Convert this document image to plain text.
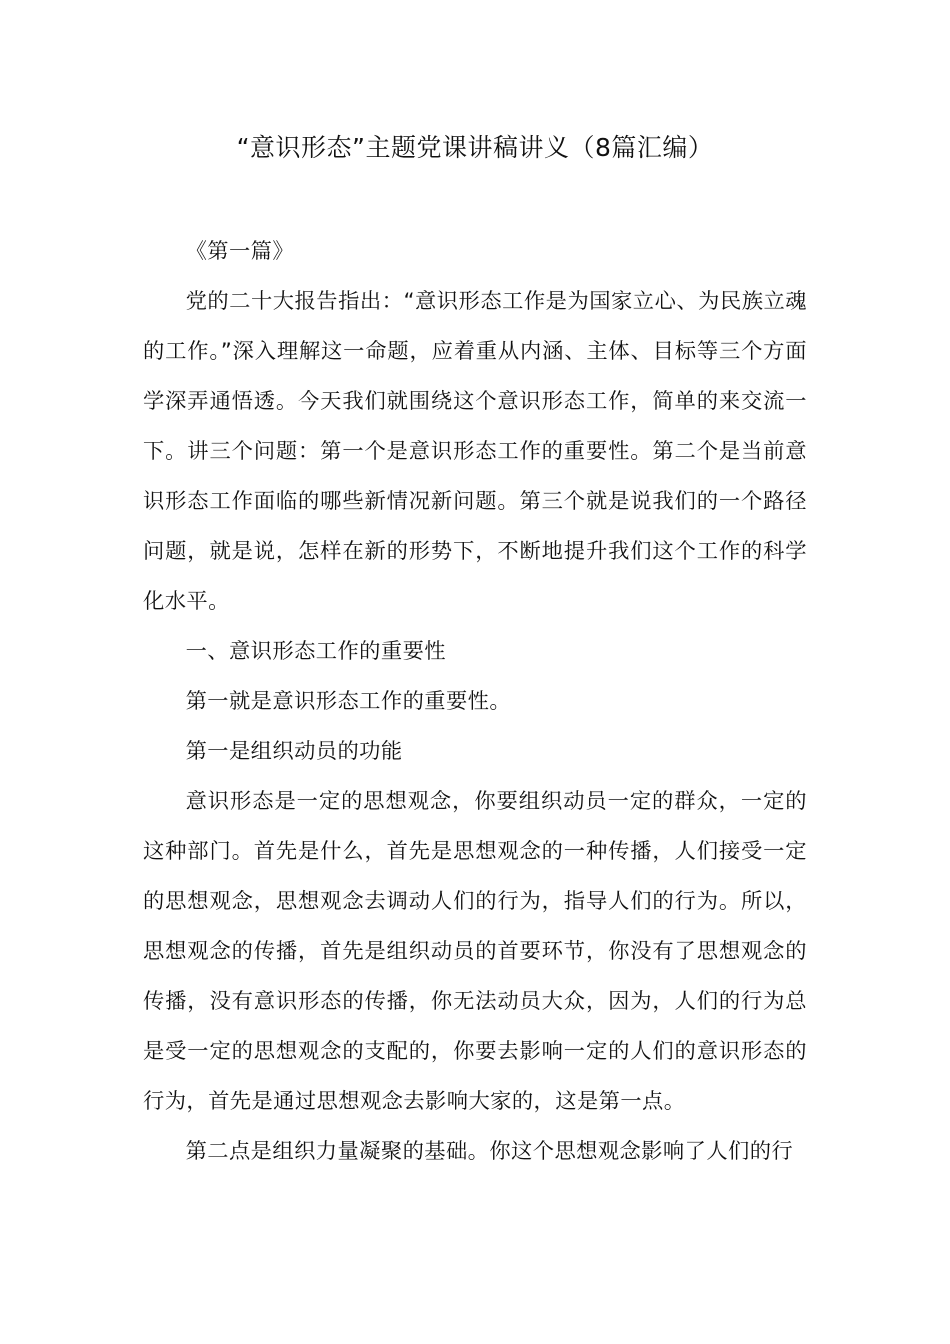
“意识形态”主题党课讲稿讲义（8篇汇编）

《第一篇》

党的二十大报告指出：“意识形态工作是为国家立心、为民族立魂的工作。”深入理解这一命题，应着重从内涵、主体、目标等三个方面学深弄通悟透。今天我们就围绕这个意识形态工作，简单的来交流一下。讲三个问题：第一个是意识形态工作的重要性。第二个是当前意识形态工作面临的哪些新情况新问题。第三个就是说我们的一个路径问题，就是说，怎样在新的形势下，不断地提升我们这个工作的科学化水平。

一、意识形态工作的重要性

第一就是意识形态工作的重要性。

第一是组织动员的功能

意识形态是一定的思想观念，你要组织动员一定的群众，一定的这种部门。首先是什么，首先是思想观念的一种传播，人们接受一定的思想观念，思想观念去调动人们的行为，指导人们的行为。所以，思想观念的传播，首先是组织动员的首要环节，你没有了思想观念的传播，没有意识形态的传播，你无法动员大众，因为，人们的行为总是受一定的思想观念的支配的，你要去影响一定的人们的意识形态的行为，首先是通过思想观念去影响大家的，这是第一点。

第二点是组织力量凝聚的基础。你这个思想观念影响了人们的行
